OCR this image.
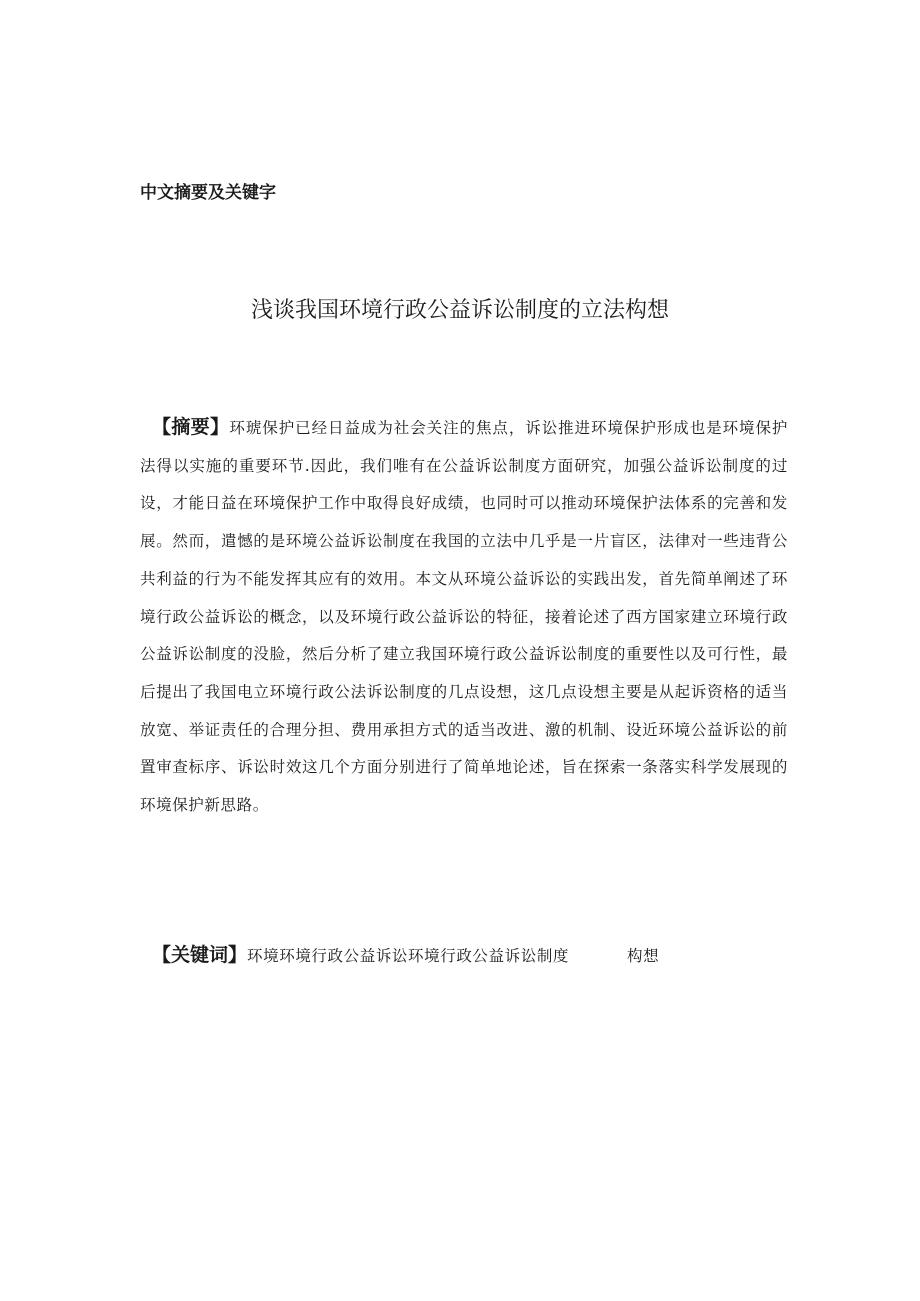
中文摘要及关键字
浅谈我国环境行政公益诉讼制度的立法构想
【摘要】环琥保护已经日益成为社会关注的焦点，诉讼推进环境保护形成也是环境保护法得以实施的重要环节.因此，我们唯有在公益诉讼制度方面研究，加强公益诉讼制度的过设，才能日益在环境保护工作中取得良好成绩，也同时可以推动环境保护法体系的完善和发展。然而，遣憾的是环境公益诉讼制度在我国的立法中几乎是一片盲区，法律对一些违背公共利益的行为不能发挥其应有的效用。本文从环境公益诉讼的实践出发，首先简单阐述了环境行政公益诉讼的概念，以及环境行政公益诉讼的特征，接着论述了西方国家建立环境行政公益诉讼制度的没脸，然后分析了建立我国环境行政公益诉讼制度的重要性以及可行性，最后提出了我国电立环境行政公法诉讼制度的几点设想，这几点设想主要是从起诉资格的适当放宽、举证责任的合理分担、费用承担方式的适当改进、激的机制、设近环境公益诉讼的前置审查标序、诉讼时效这几个方面分别进行了简单地论述，旨在探索一条落实科学发展现的环境保护新思路。
【关键词】环境环境行政公益诉讼环境行政公益诉讼制度	构想
